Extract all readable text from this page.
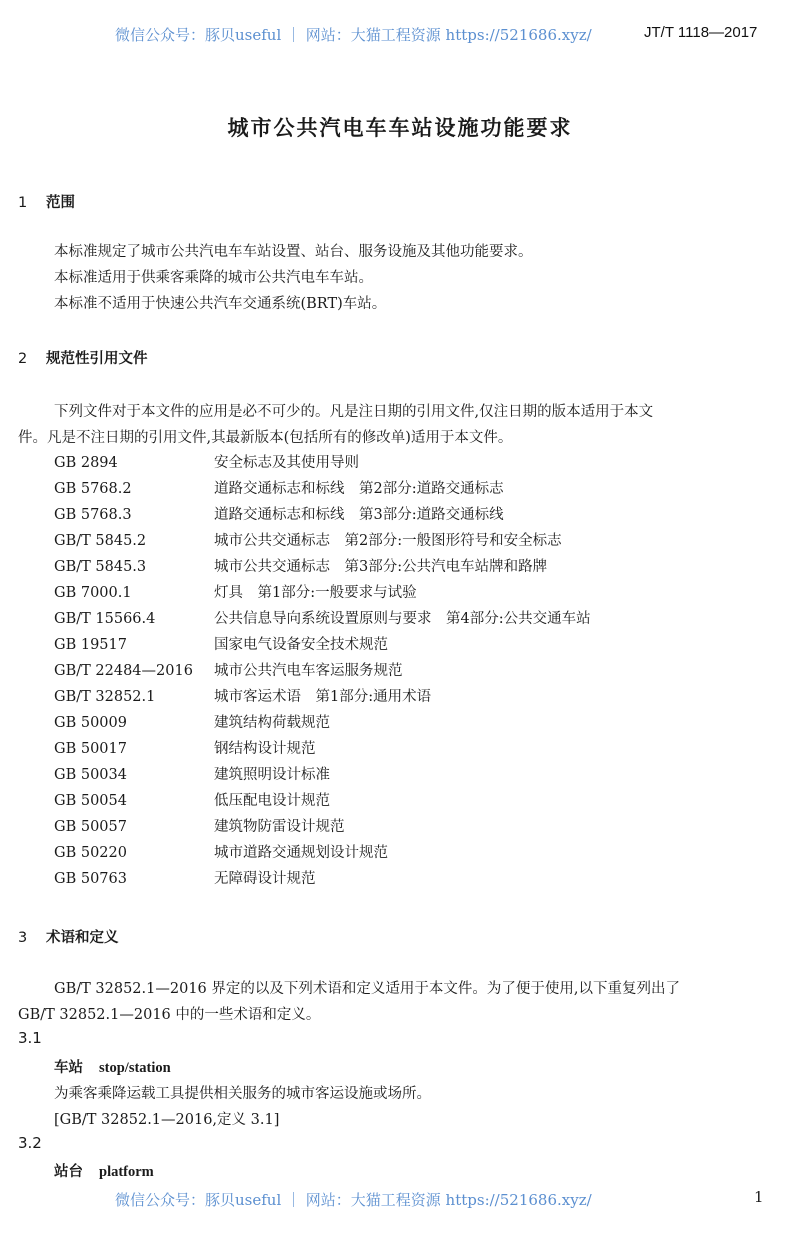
微信公众号：豚贝useful ｜ 网站：大猫工程资源 https://521686.xyz/	JT/T 1118—2017
城市公共汽电车车站设施功能要求
1 范围
本标准规定了城市公共汽电车车站设置、站台、服务设施及其他功能要求。
本标准适用于供乘客乘降的城市公共汽电车车站。
本标准不适用于快速公共汽车交通系统(BRT)车站。
2 规范性引用文件
下列文件对于本文件的应用是必不可少的。凡是注日期的引用文件,仅注日期的版本适用于本文
件。凡是不注日期的引用文件,其最新版本(包括所有的修改单)适用于本文件。
GB 2894	安全标志及其使用导则
GB 5768.2	道路交通标志和标线　第2部分:道路交通标志
GB 5768.3	道路交通标志和标线　第3部分:道路交通标线
GB/T 5845.2	城市公共交通标志　第2部分:一般图形符号和安全标志
GB/T 5845.3	城市公共交通标志　第3部分:公共汽电车站牌和路牌
GB 7000.1	灯具　第1部分:一般要求与试验
GB/T 15566.4	公共信息导向系统设置原则与要求　第4部分:公共交通车站
GB 19517	国家电气设备安全技术规范
GB/T 22484—2016 城市公共汽电车客运服务规范
GB/T 32852.1	城市客运术语　第1部分:通用术语
GB 50009	建筑结构荷载规范
GB 50017	钢结构设计规范
GB 50034	建筑照明设计标准
GB 50054	低压配电设计规范
GB 50057	建筑物防雷设计规范
GB 50220	城市道路交通规划设计规范
GB 50763	无障碍设计规范
3 术语和定义
GB/T 32852.1—2016 界定的以及下列术语和定义适用于本文件。为了便于使用,以下重复列出了
GB/T 32852.1—2016 中的一些术语和定义。
3.1
车站 stop/station
为乘客乘降运载工具提供相关服务的城市客运设施或场所。
[GB/T 32852.1—2016,定义 3.1]
3.2
站台 platform
微信公众号：豚贝useful ｜ 网站：大猫工程资源 https://521686.xyz/	1
